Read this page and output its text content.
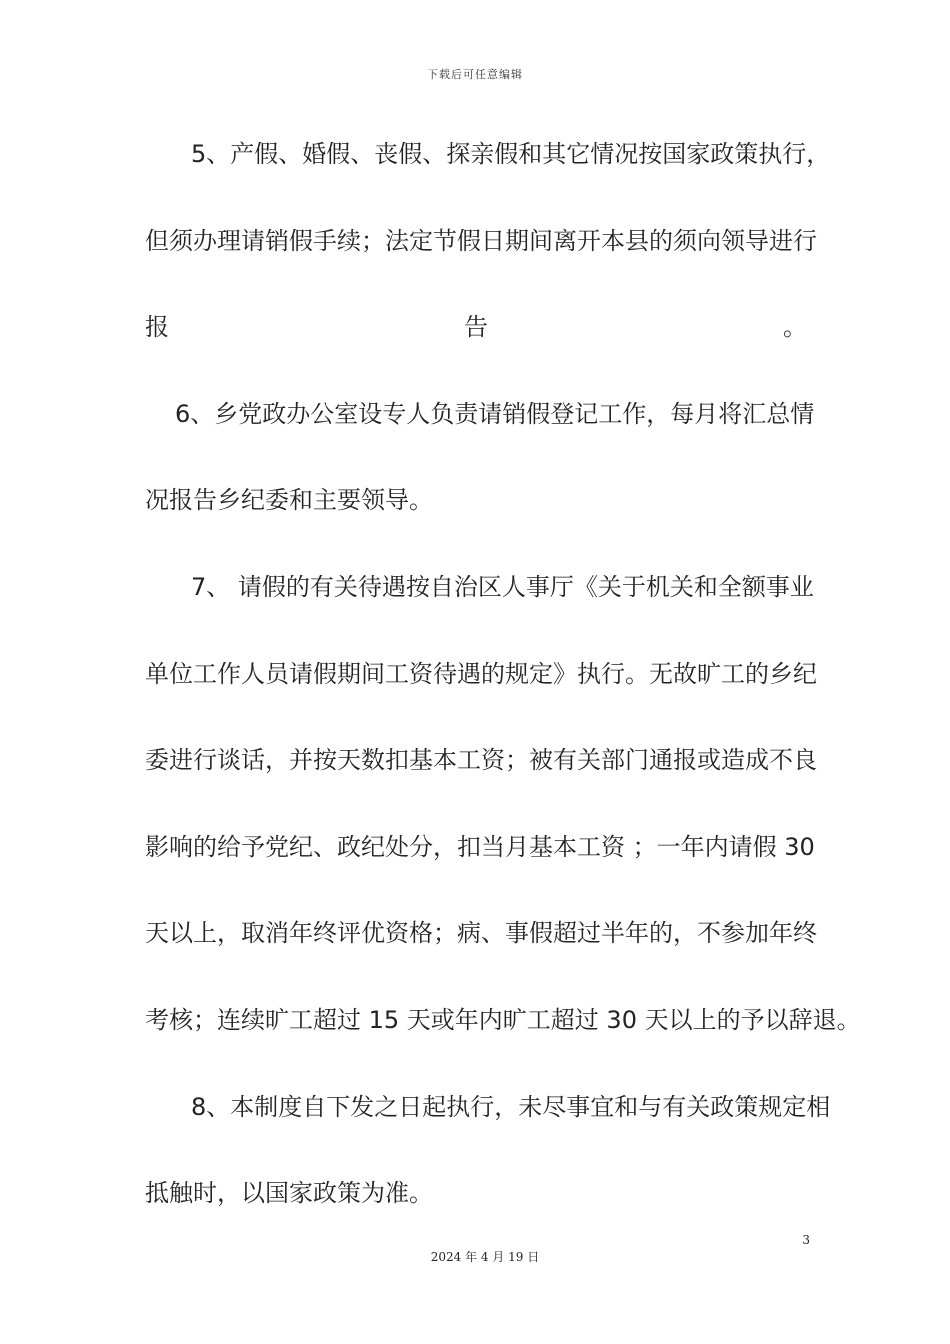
下载后可任意编辑
5、产假、婚假、丧假、探亲假和其它情况按国家政策执行，
但须办理请销假手续；法定节假日期间离开本县的须向领导进行
报	告	。
6、乡党政办公室设专人负责请销假登记工作，每月将汇总情
况报告乡纪委和主要领导。
7、 请假的有关待遇按自治区人事厅《关于机关和全额事业
单位工作人员请假期间工资待遇的规定》执行。无故旷工的乡纪
委进行谈话，并按天数扣基本工资；被有关部门通报或造成不良
影响的给予党纪、政纪处分，扣当月基本工资 ；一年内请假 30
天以上，取消年终评优资格；病、事假超过半年的，不参加年终
考核；连续旷工超过 15 天或年内旷工超过 30 天以上的予以辞退。
8、本制度自下发之日起执行，未尽事宜和与有关政策规定相
抵触时，以国家政策为准。
3
2024 年 4 月 19 日
